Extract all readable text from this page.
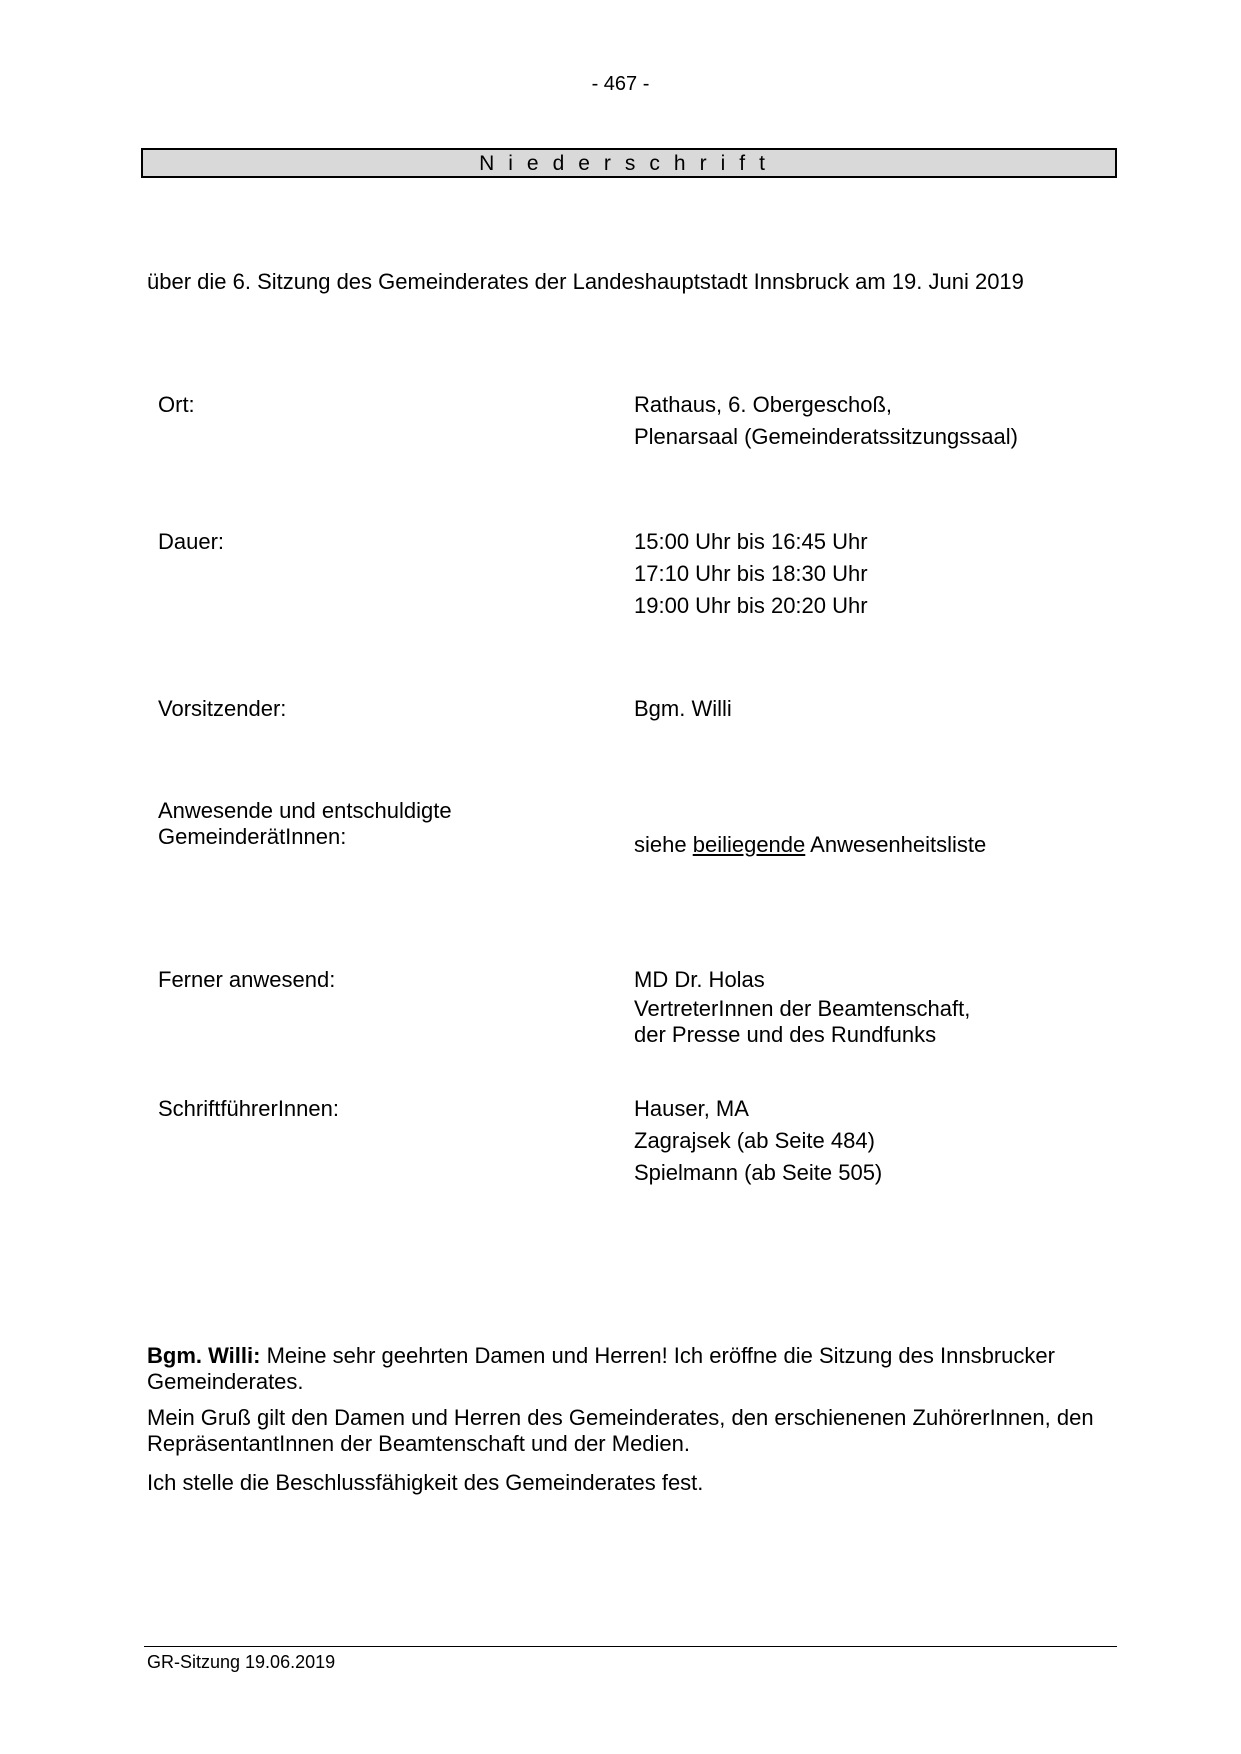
- 467 -
Niederschrift
über die 6. Sitzung des Gemeinderates der Landeshauptstadt Innsbruck am 19. Juni 2019
Ort:	Rathaus, 6. Obergeschoß,
Plenarsaal (Gemeinderatssitzungssaal)
Dauer:	15:00 Uhr bis 16:45 Uhr
17:10 Uhr bis 18:30 Uhr
19:00 Uhr bis 20:20 Uhr
Vorsitzender:	Bgm. Willi
Anwesende und entschuldigte
GemeinderätInnen:	siehe beiliegende Anwesenheitsliste
Ferner anwesend:	MD Dr. Holas
VertreterInnen der Beamtenschaft,
der Presse und des Rundfunks
SchriftführerInnen:	Hauser, MA
Zagrajsek (ab Seite 484)
Spielmann (ab Seite 505)
Bgm. Willi: Meine sehr geehrten Damen und Herren! Ich eröffne die Sitzung des Innsbrucker Gemeinderates.
Mein Gruß gilt den Damen und Herren des Gemeinderates, den erschienenen ZuhörerInnen, den RepräsentantInnen der Beamtenschaft und der Medien.
Ich stelle die Beschlussfähigkeit des Gemeinderates fest.
GR-Sitzung 19.06.2019
